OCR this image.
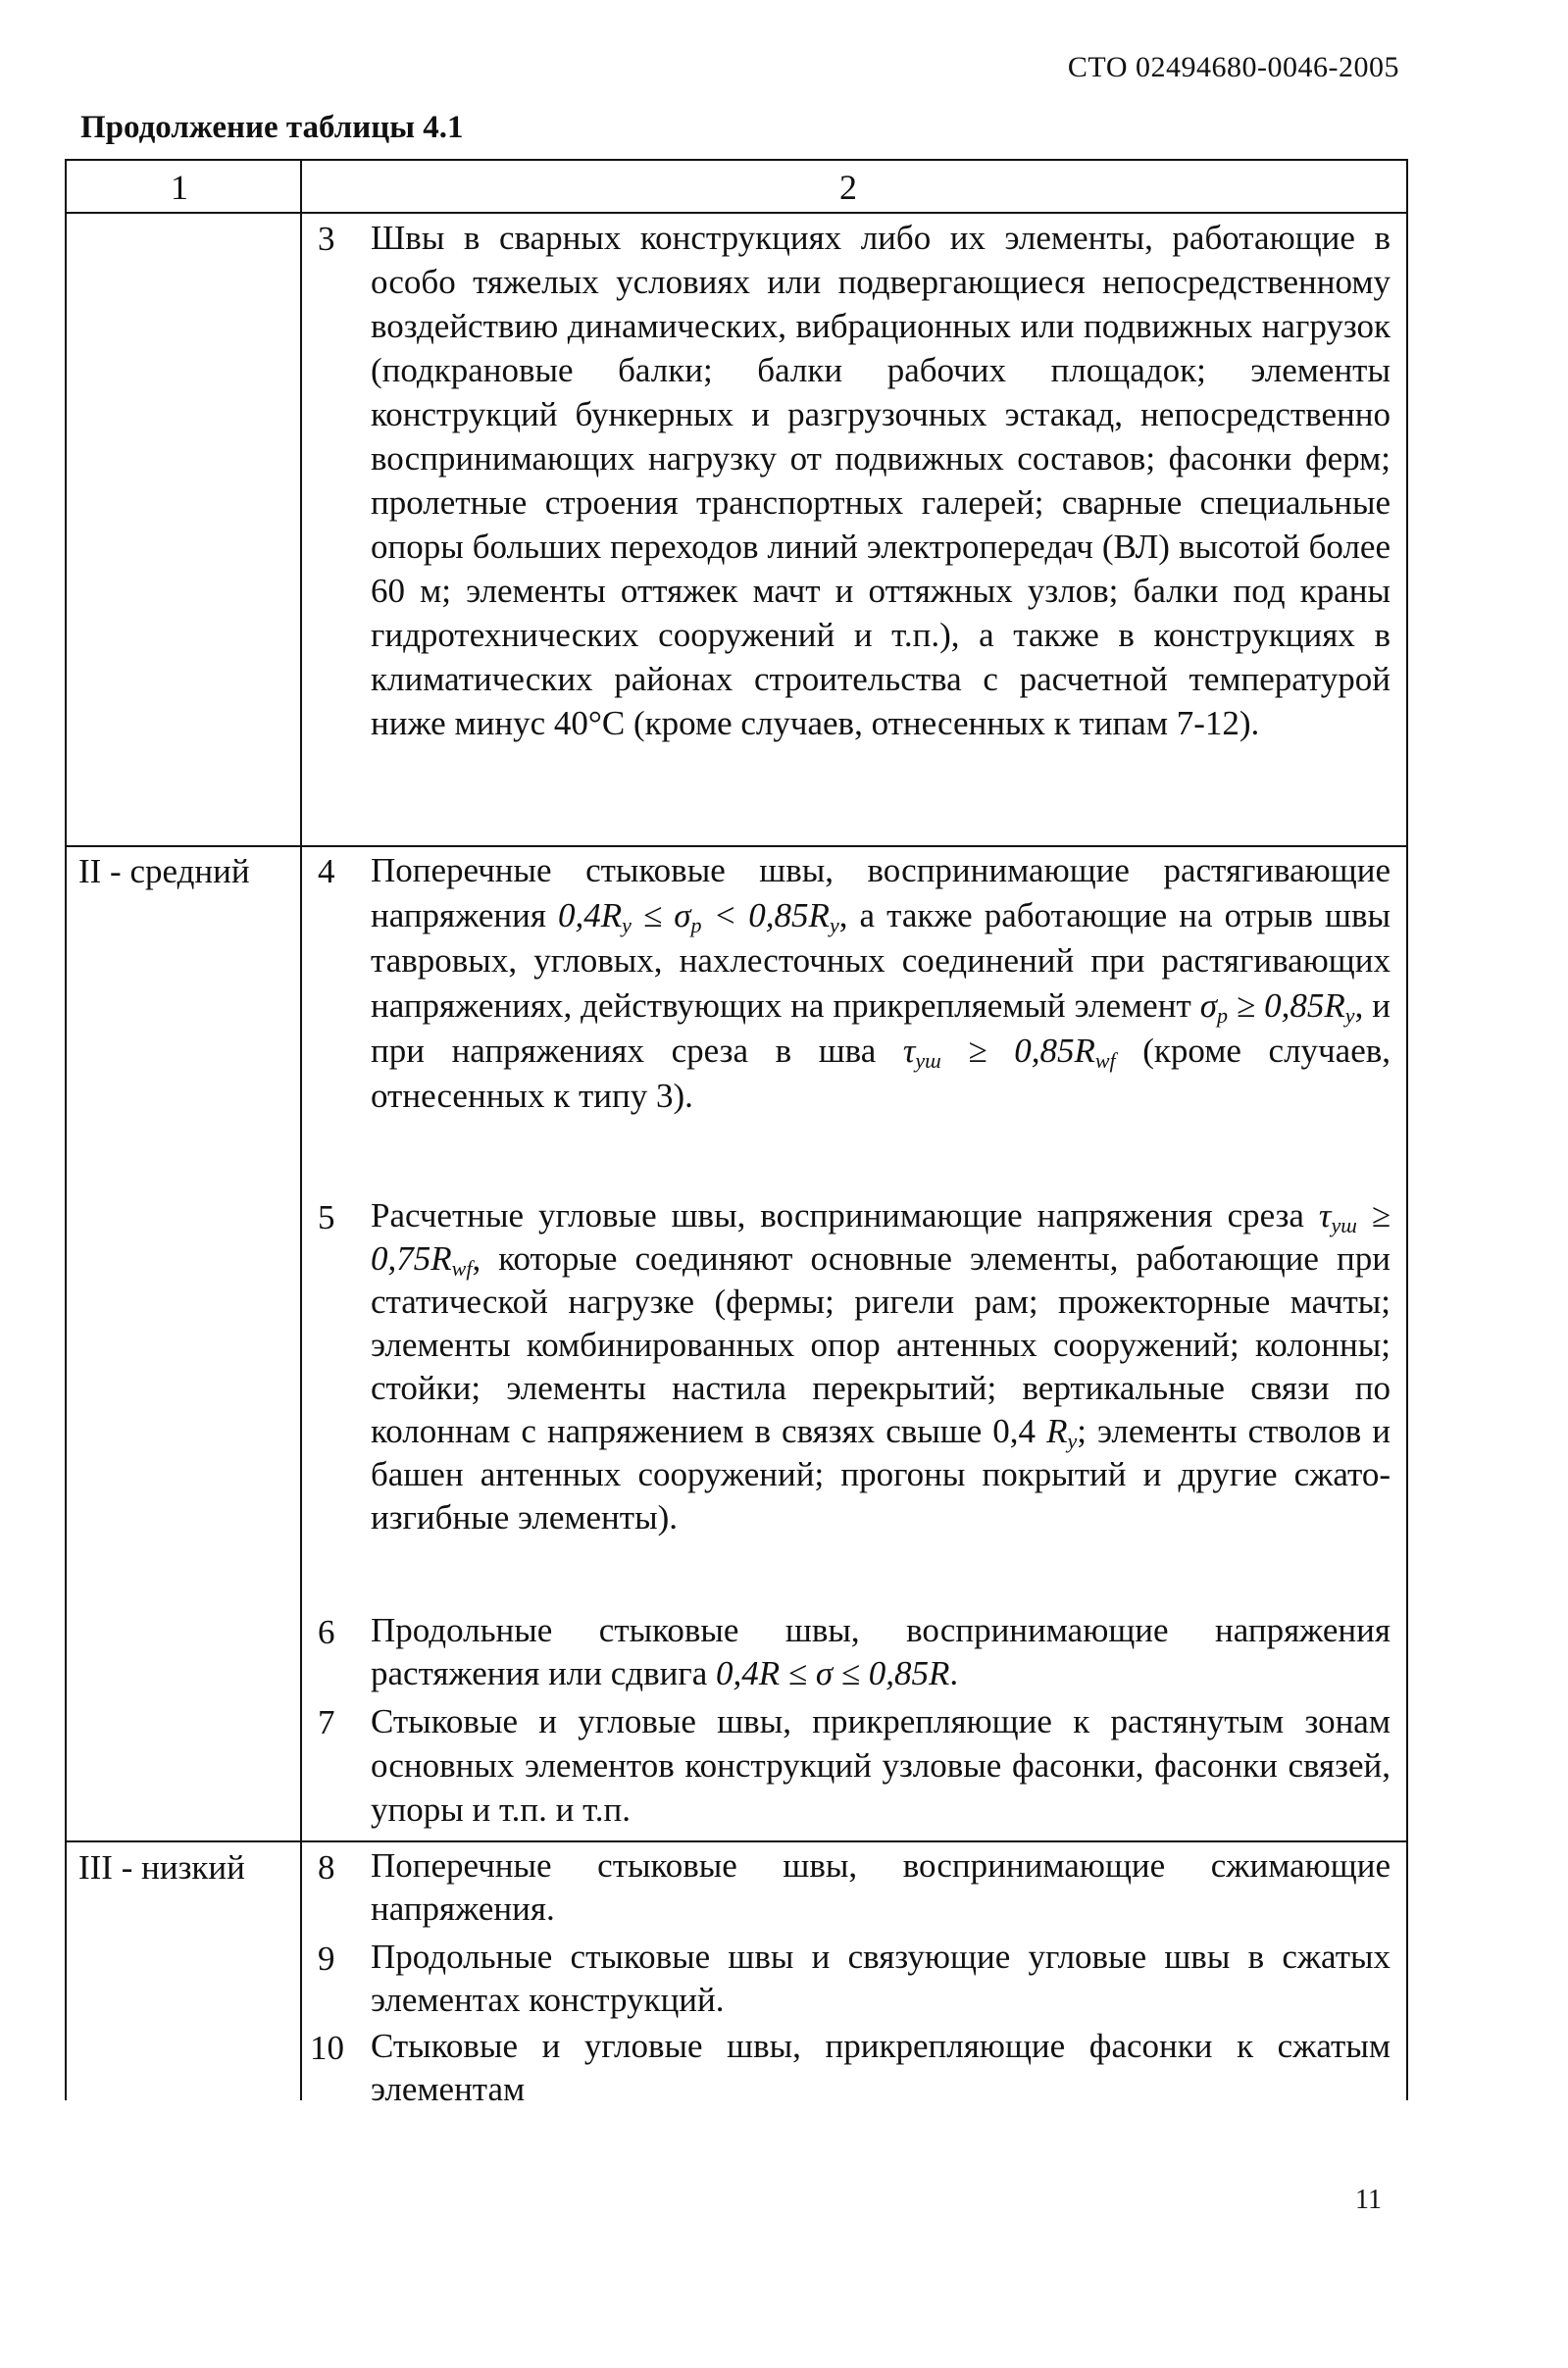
СТО 02494680-0046-2005
Продолжение таблицы 4.1
1	2
II - средний
III - низкий
3 Швы в сварных конструкциях либо их элементы, работающие в особо тяжелых условиях или подвергающиеся непосредственному воздействию динамических, вибрационных или подвижных нагрузок (подкрановые балки; балки рабочих площадок; элементы конструкций бункерных и разгрузочных эстакад, непосредственно воспринимающих нагрузку от подвижных составов; фасонки ферм; пролетные строения транспортных галерей; сварные специальные опоры больших переходов линий электропередач (ВЛ) высотой более 60 м; элементы оттяжек мачт и оттяжных узлов; балки под краны гидротехнических сооружений и т.п.), а также в конструкциях в климатических районах строительства с расчетной температурой ниже минус 40°С (кроме случаев, отнесенных к типам 7-12).
4 Поперечные стыковые швы, воспринимающие растягивающие напряжения $0,4R_y \le \sigma_p < 0,85R_y$, а также работающие на отрыв швы тавровых, угловых, нахлесточных соединений при растягивающих напряжениях, действующих на прикрепляемый элемент $\sigma_p \ge 0,85R_y$, и при напряжениях среза в шва $\tau_{уш} \ge 0,85R_{wf}$ (кроме случаев, отнесенных к типу 3).
5 Расчетные угловые швы, воспринимающие напряжения среза $\tau_{уш} \ge 0,75R_{wf}$, которые соединяют основные элементы, работающие при статической нагрузке (фермы; ригели рам; прожекторные мачты; элементы комбинированных опор антенных сооружений; колонны; стойки; элементы настила перекрытий; вертикальные связи по колоннам с напряжением в связях свыше 0,4 $R_y$; элементы стволов и башен антенных сооружений; прогоны покрытий и другие сжато-изгибные элементы).
6 Продольные стыковые швы, воспринимающие напряжения растяжения или сдвига 0,4R ≤ σ ≤ 0,85R.
7 Стыковые и угловые швы, прикрепляющие к растянутым зонам основных элементов конструкций узловые фасонки, фасонки связей, упоры и т.п. и т.п.
8 Поперечные стыковые швы, воспринимающие сжимающие напряжения.
9 Продольные стыковые швы и связующие угловые швы в сжатых элементах конструкций.
10 Стыковые и угловые швы, прикрепляющие фасонки к сжатым элементам
11
